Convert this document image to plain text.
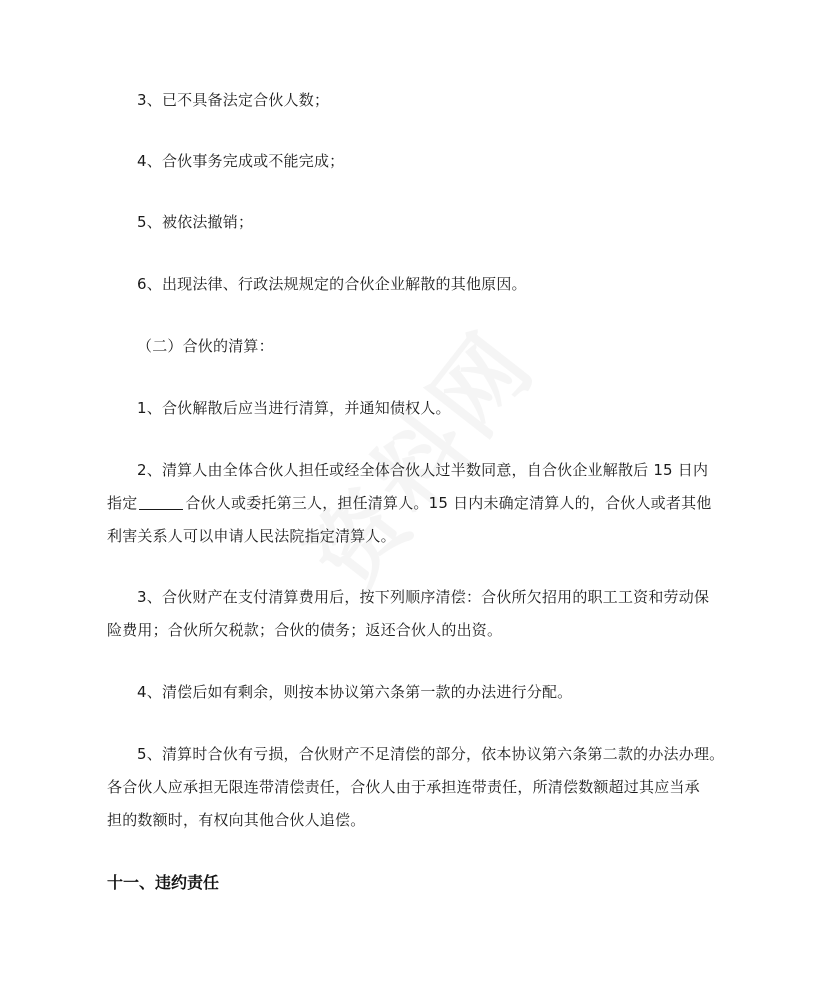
3、已不具备法定合伙人数；
4、合伙事务完成或不能完成；
5、被依法撤销；
6、出现法律、行政法规规定的合伙企业解散的其他原因。
（二）合伙的清算：
1、合伙解散后应当进行清算，并通知债权人。
2、清算人由全体合伙人担任或经全体合伙人过半数同意，自合伙企业解散后 15 日内
指定	合伙人或委托第三人，担任清算人。15 日内未确定清算人的，合伙人或者其他
利害关系人可以申请人民法院指定清算人。
3、合伙财产在支付清算费用后，按下列顺序清偿：合伙所欠招用的职工工资和劳动保
险费用；合伙所欠税款；合伙的债务；返还合伙人的出资。
4、清偿后如有剩余，则按本协议第六条第一款的办法进行分配。
5、清算时合伙有亏损，合伙财产不足清偿的部分，依本协议第六条第二款的办法办理。
各合伙人应承担无限连带清偿责任，合伙人由于承担连带责任，所清偿数额超过其应当承
担的数额时，有权向其他合伙人追偿。
十一、违约责任
